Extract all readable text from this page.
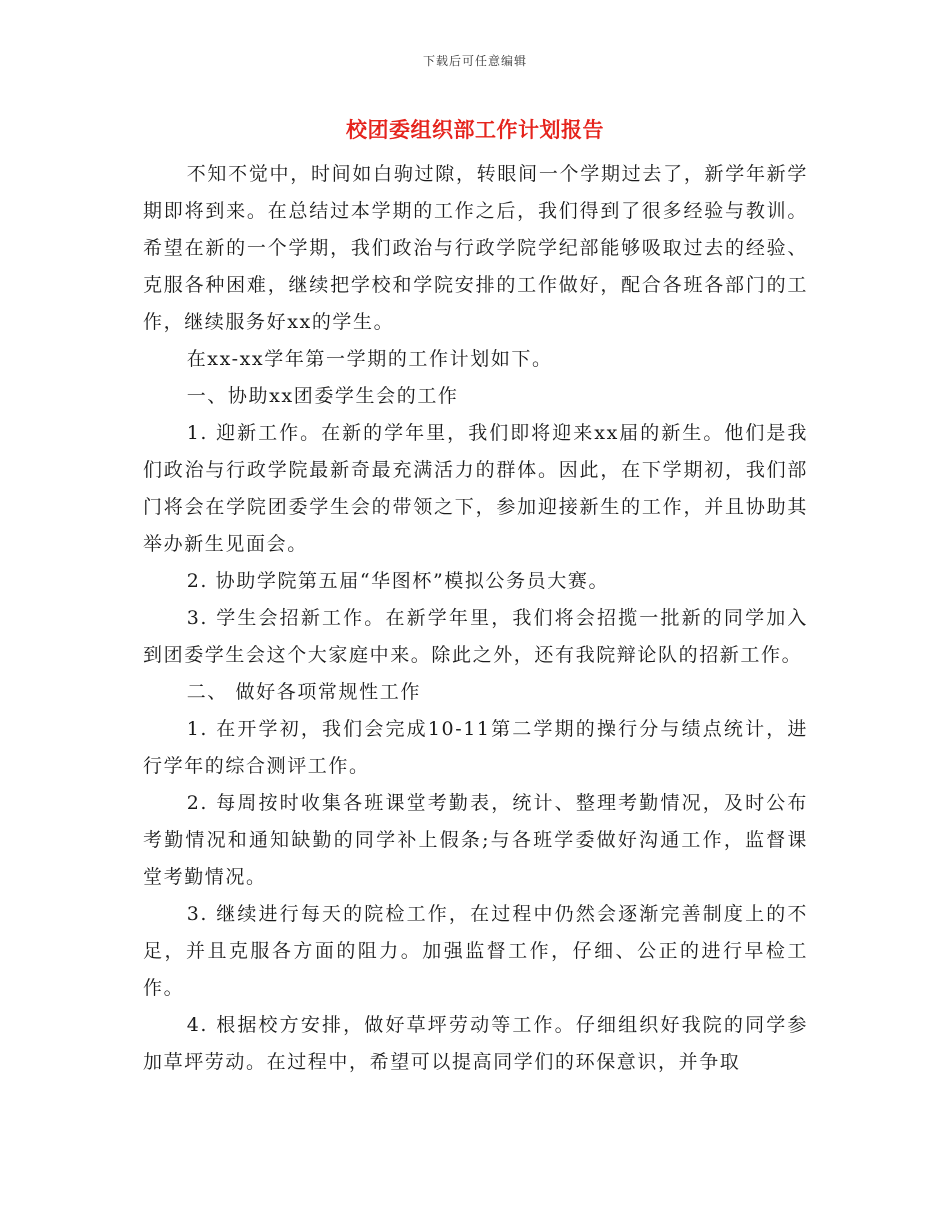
下载后可任意编辑
校团委组织部工作计划报告

不知不觉中，时间如白驹过隙，转眼间一个学期过去了，新学年新学期即将到来。在总结过本学期的工作之后，我们得到了很多经验与教训。希望在新的一个学期，我们政治与行政学院学纪部能够吸取过去的经验、克服各种困难，继续把学校和学院安排的工作做好，配合各班各部门的工作，继续服务好xx的学生。

在xx-xx学年第一学期的工作计划如下。

一、协助xx团委学生会的工作

1. 迎新工作。在新的学年里，我们即将迎来xx届的新生。他们是我们政治与行政学院最新奇最充满活力的群体。因此，在下学期初，我们部门将会在学院团委学生会的带领之下，参加迎接新生的工作，并且协助其举办新生见面会。

2. 协助学院第五届“华图杯”模拟公务员大赛。

3. 学生会招新工作。在新学年里，我们将会招揽一批新的同学加入到团委学生会这个大家庭中来。除此之外，还有我院辩论队的招新工作。

二、 做好各项常规性工作

1. 在开学初，我们会完成10-11第二学期的操行分与绩点统计，进行学年的综合测评工作。

2. 每周按时收集各班课堂考勤表，统计、整理考勤情况，及时公布考勤情况和通知缺勤的同学补上假条;与各班学委做好沟通工作，监督课堂考勤情况。

3. 继续进行每天的院检工作，在过程中仍然会逐渐完善制度上的不足，并且克服各方面的阻力。加强监督工作，仔细、公正的进行早检工作。

4. 根据校方安排，做好草坪劳动等工作。仔细组织好我院的同学参加草坪劳动。在过程中，希望可以提高同学们的环保意识，并争取
